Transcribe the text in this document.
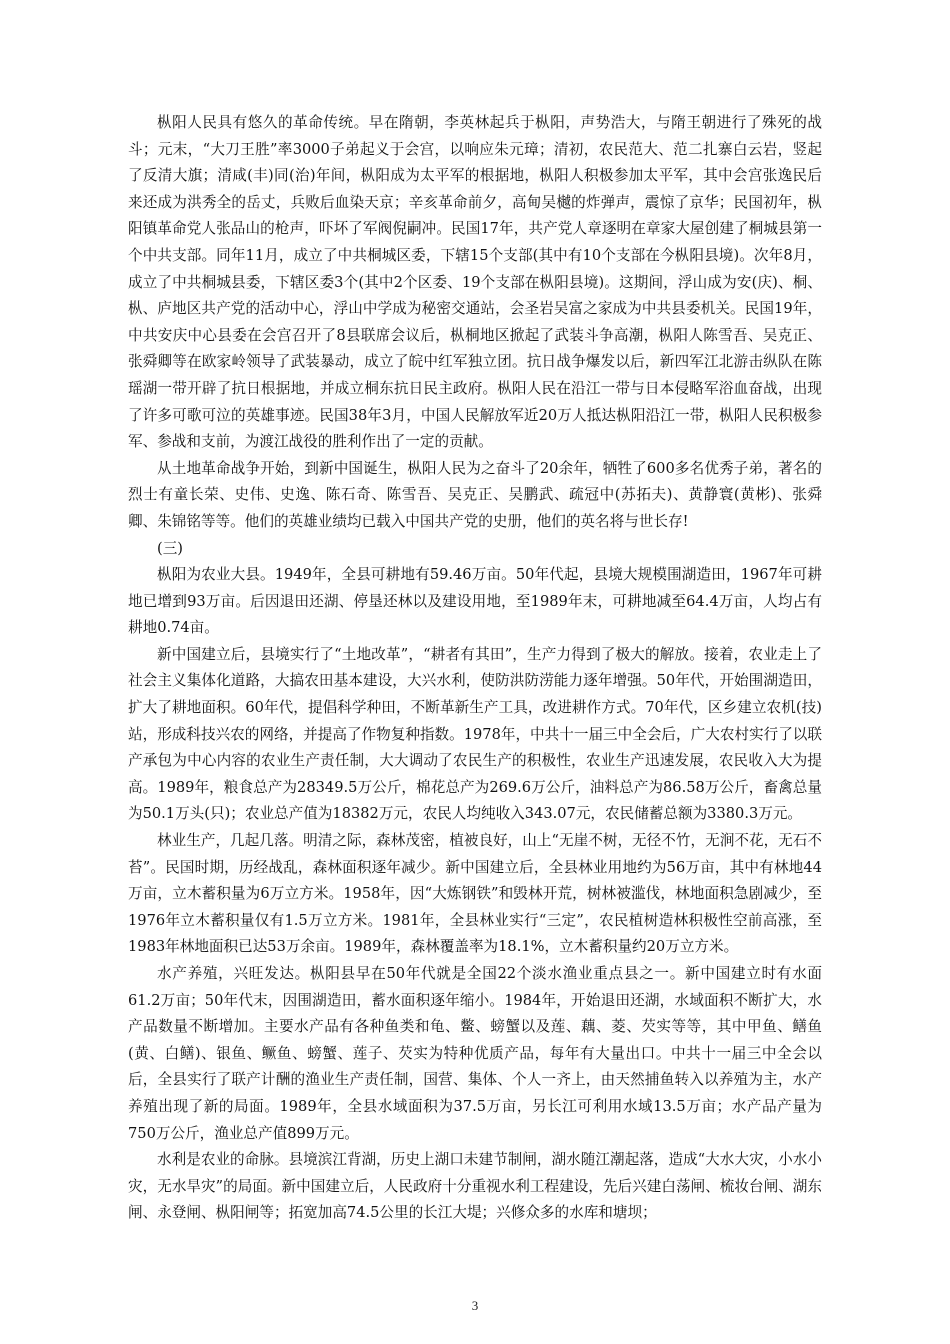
枞阳人民具有悠久的革命传统。早在隋朝，李英林起兵于枞阳，声势浩大，与隋王朝进行了殊死的战斗；元末，“大刀王胜”率3000子弟起义于会宫，以响应朱元璋；清初，农民范大、范二扎寨白云岩，竖起了反清大旗；清咸(丰)同(治)年间，枞阳成为太平军的根据地，枞阳人积极参加太平军，其中会宫张逸民后来还成为洪秀全的岳丈，兵败后血染天京；辛亥革命前夕，高甸吴樾的炸弹声，震惊了京华；民国初年，枞阳镇革命党人张品山的枪声，吓坏了军阀倪嗣冲。民国17年，共产党人章逐明在章家大屋创建了桐城县第一个中共支部。同年11月，成立了中共桐城区委，下辖15个支部(其中有10个支部在今枞阳县境)。次年8月，成立了中共桐城县委，下辖区委3个(其中2个区委、19个支部在枞阳县境)。这期间，浮山成为安(庆)、桐、枞、庐地区共产党的活动中心，浮山中学成为秘密交通站，会圣岩吴富之家成为中共县委机关。民国19年，中共安庆中心县委在会宫召开了8县联席会议后，枞桐地区掀起了武装斗争高潮，枞阳人陈雪吾、吴克正、张舜卿等在欧家岭领导了武装暴动，成立了皖中红军独立团。抗日战争爆发以后，新四军江北游击纵队在陈瑶湖一带开辟了抗日根据地，并成立桐东抗日民主政府。枞阳人民在沿江一带与日本侵略军浴血奋战，出现了许多可歌可泣的英雄事迹。民国38年3月，中国人民解放军近20万人抵达枞阳沿江一带，枞阳人民积极参军、参战和支前，为渡江战役的胜利作出了一定的贡献。

从土地革命战争开始，到新中国诞生，枞阳人民为之奋斗了20余年，牺牲了600多名优秀子弟，著名的烈士有童长荣、史伟、史逸、陈石奇、陈雪吾、吴克正、吴鹏武、疏冠中(苏拓夫)、黄静寰(黄彬)、张舜卿、朱锦铭等等。他们的英雄业绩均已载入中国共产党的史册，他们的英名将与世长存!

(三)

枞阳为农业大县。1949年，全县可耕地有59.46万亩。50年代起，县境大规模围湖造田，1967年可耕地已增到93万亩。后因退田还湖、停垦还林以及建设用地，至1989年末，可耕地减至64.4万亩，人均占有耕地0.74亩。

新中国建立后，县境实行了“土地改革”，“耕者有其田”，生产力得到了极大的解放。接着，农业走上了社会主义集体化道路，大搞农田基本建设，大兴水利，使防洪防涝能力逐年增强。50年代，开始围湖造田，扩大了耕地面积。60年代，提倡科学种田，不断革新生产工具，改进耕作方式。70年代，区乡建立农机(技)站，形成科技兴农的网络，并提高了作物复种指数。1978年，中共十一届三中全会后，广大农村实行了以联产承包为中心内容的农业生产责任制，大大调动了农民生产的积极性，农业生产迅速发展，农民收入大为提高。1989年，粮食总产为28349.5万公斤，棉花总产为269.6万公斤，油料总产为86.58万公斤，畜禽总量为50.1万头(只)；农业总产值为18382万元，农民人均纯收入343.07元，农民储蓄总额为3380.3万元。

林业生产，几起几落。明清之际，森林茂密，植被良好，山上“无崖不树，无径不竹，无涧不花，无石不苔”。民国时期，历经战乱，森林面积逐年减少。新中国建立后，全县林业用地约为56万亩，其中有林地44万亩，立木蓄积量为6万立方米。1958年，因“大炼钢铁”和毁林开荒，树林被滥伐，林地面积急剧减少，至1976年立木蓄积量仅有1.5万立方米。1981年，全县林业实行“三定”，农民植树造林积极性空前高涨，至1983年林地面积已达53万余亩。1989年，森林覆盖率为18.1%，立木蓄积量约20万立方米。

水产养殖，兴旺发达。枞阳县早在50年代就是全国22个淡水渔业重点县之一。新中国建立时有水面61.2万亩；50年代末，因围湖造田，蓄水面积逐年缩小。1984年，开始退田还湖，水域面积不断扩大，水产品数量不断增加。主要水产品有各种鱼类和龟、鳖、螃蟹以及莲、藕、菱、芡实等等，其中甲鱼、鳝鱼(黄、白鳝)、银鱼、鳜鱼、螃蟹、莲子、芡实为特种优质产品，每年有大量出口。中共十一届三中全会以后，全县实行了联产计酬的渔业生产责任制，国营、集体、个人一齐上，由天然捕鱼转入以养殖为主，水产养殖出现了新的局面。1989年，全县水域面积为37.5万亩，另长江可利用水域13.5万亩；水产品产量为750万公斤，渔业总产值899万元。

水利是农业的命脉。县境滨江背湖，历史上湖口未建节制闸，湖水随江潮起落，造成“大水大灾，小水小灾，无水旱灾”的局面。新中国建立后，人民政府十分重视水利工程建设，先后兴建白荡闸、梳妆台闸、湖东闸、永登闸、枞阳闸等；拓宽加高74.5公里的长江大堤；兴修众多的水库和塘坝；

3
